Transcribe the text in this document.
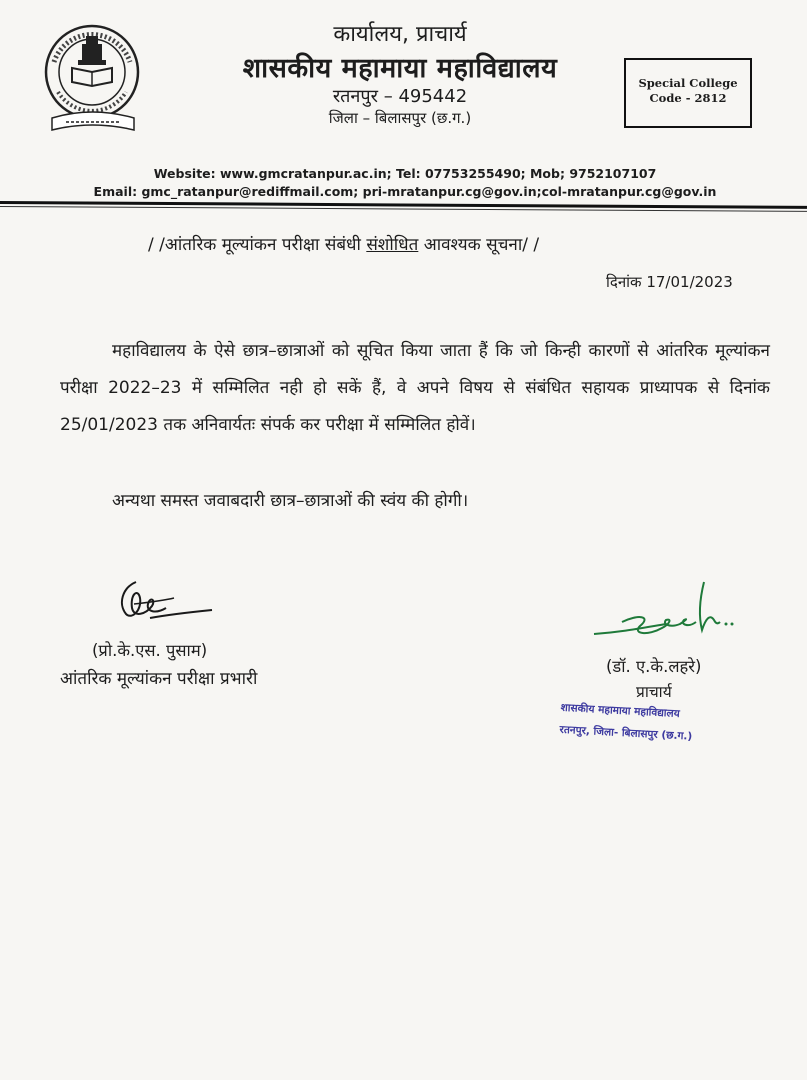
कार्यालय, प्राचार्य
शासकीय महामाया महाविद्यालय
रतनपुर – 495442
जिला – बिलासपुर (छ.ग.)
Special College
Code - 2812
Website: www.gmcratanpur.ac.in; Tel: 07753255490; Mob; 9752107107
Email: gmc_ratanpur@rediffmail.com; pri-mratanpur.cg@gov.in;col-mratanpur.cg@gov.in
/ /आंतरिक मूल्यांकन परीक्षा संबंधी संशोधित आवश्यक सूचना/ /
दिनांक 17/01/2023
महाविद्यालय के ऐसे छात्र–छात्राओं को सूचित किया जाता हैं कि जो किन्ही कारणों से आंतरिक मूल्यांकन परीक्षा 2022–23 में सम्मिलित नही हो सकें हैं, वे अपने विषय से संबंधित सहायक प्राध्यापक से दिनांक 25/01/2023 तक अनिवार्यतः संपर्क कर परीक्षा में सम्मिलित होवें।
अन्यथा समस्त जवाबदारी छात्र–छात्राओं की स्वंय की होगी।
(प्रो.के.एस. पुसाम)
आंतरिक मूल्यांकन परीक्षा प्रभारी
(डॉ. ए.के.लहरे)
प्राचार्य
शासकीय महामाया महाविद्यालय
रतनपुर, जिला- बिलासपुर (छ.ग.)
